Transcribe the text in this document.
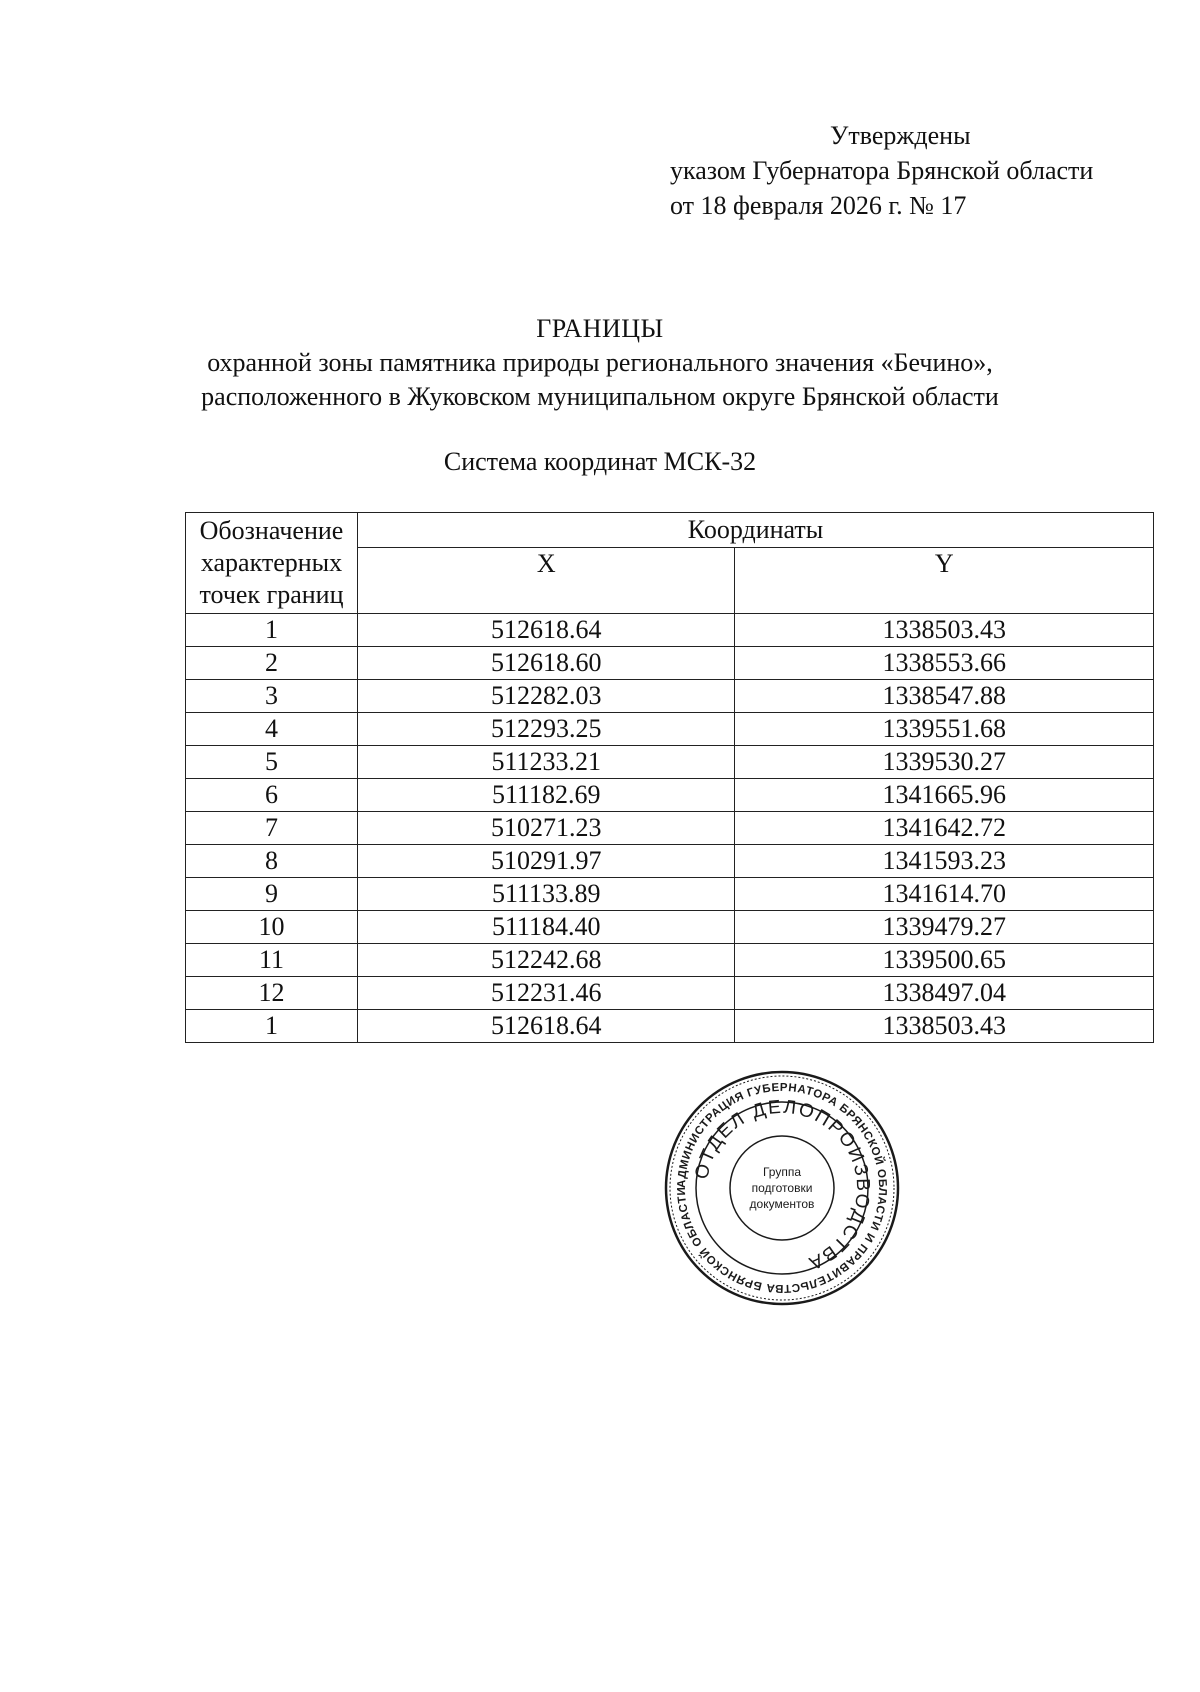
Утверждены
указом Губернатора Брянской области
от 18 февраля 2026 г. № 17
ГРАНИЦЫ
охранной зоны памятника природы регионального значения «Бечино»,
расположенного в Жуковском муниципальном округе Брянской области
Система координат МСК-32
Обозначение характерных точек границ	Координаты	
	X	Y
1	512618.64	1338503.43
2	512618.60	1338553.66
3	512282.03	1338547.88
4	512293.25	1339551.68
5	511233.21	1339530.27
6	511182.69	1341665.96
7	510271.23	1341642.72
8	510291.97	1341593.23
9	511133.89	1341614.70
10	511184.40	1339479.27
11	512242.68	1339500.65
12	512231.46	1338497.04
1	512618.64	1338503.43
АДМИНИСТРАЦИЯ ГУБЕРНАТОРА БРЯНСКОЙ ОБЛАСТИ И ПРАВИТЕЛЬСТВА БРЯНСКОЙ ОБЛАСТИ
ОТДЕЛ ДЕЛОПРОИЗВОДСТВА
Группа
подготовки
документов
